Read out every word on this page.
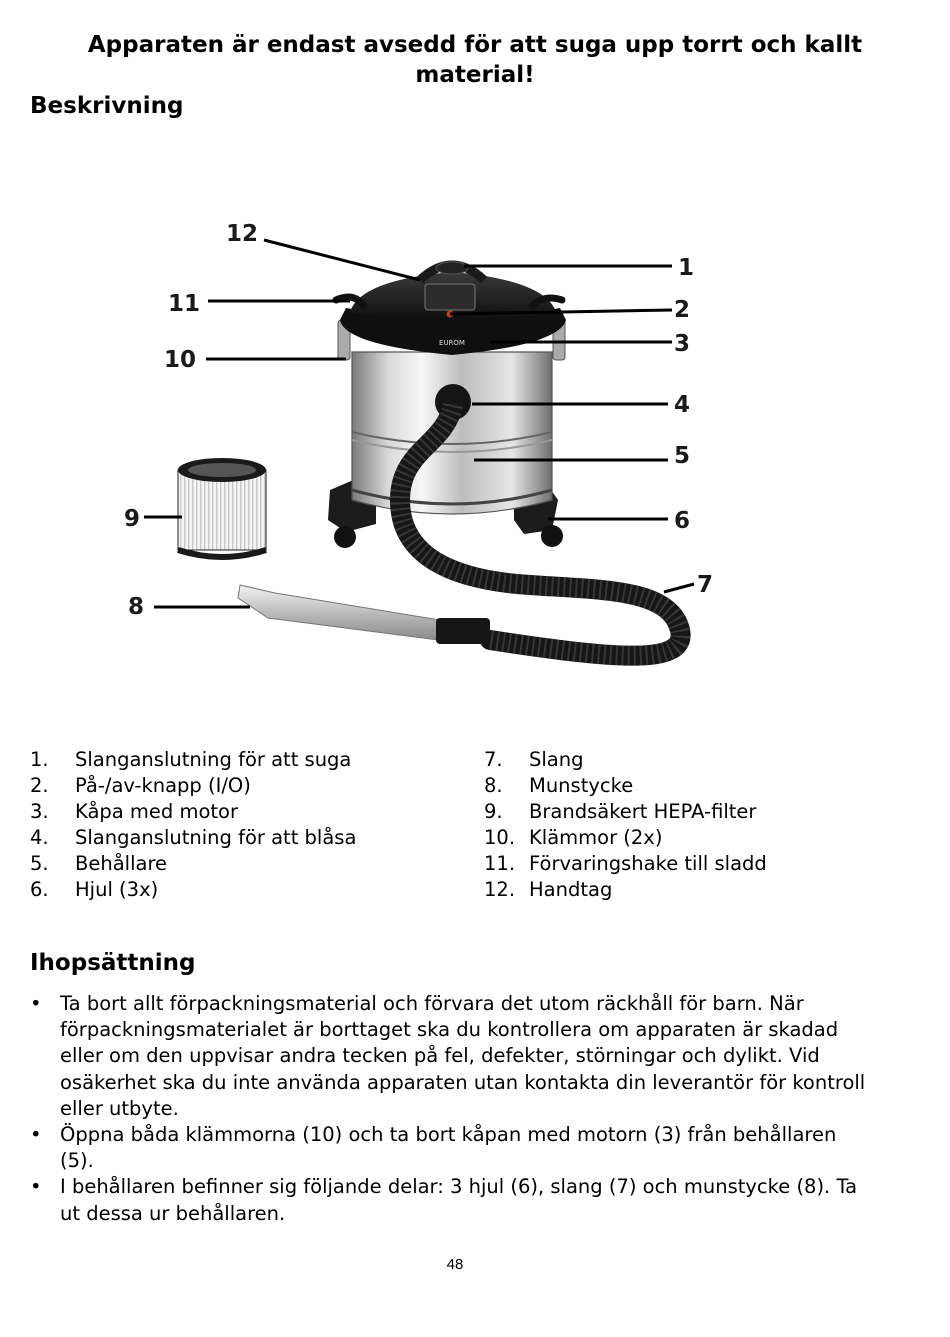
Apparaten är endast avsedd för att suga upp torrt och kallt material!
Beskrivning
EUROM
12
1
2
3
4
5
6
7
8
9
10
11
1. Slanganslutning för att suga
2. På-/av-knapp (I/O)
3. Kåpa med motor
4. Slanganslutning för att blåsa
5. Behållare
6. Hjul (3x)
7. Slang
8. Munstycke
9. Brandsäkert HEPA-filter
10. Klämmor (2x)
11. Förvaringshake till sladd
12. Handtag
Ihopsättning
• Ta bort allt förpackningsmaterial och förvara det utom räckhåll för barn. När förpackningsmaterialet är borttaget ska du kontrollera om apparaten är skadad eller om den uppvisar andra tecken på fel, defekter, störningar och dylikt. Vid osäkerhet ska du inte använda apparaten utan kontakta din leverantör för kontroll eller utbyte.
• Öppna båda klämmorna (10) och ta bort kåpan med motorn (3) från behållaren (5).
• I behållaren befinner sig följande delar: 3 hjul (6), slang (7) och munstycke (8). Ta ut dessa ur behållaren.
48
